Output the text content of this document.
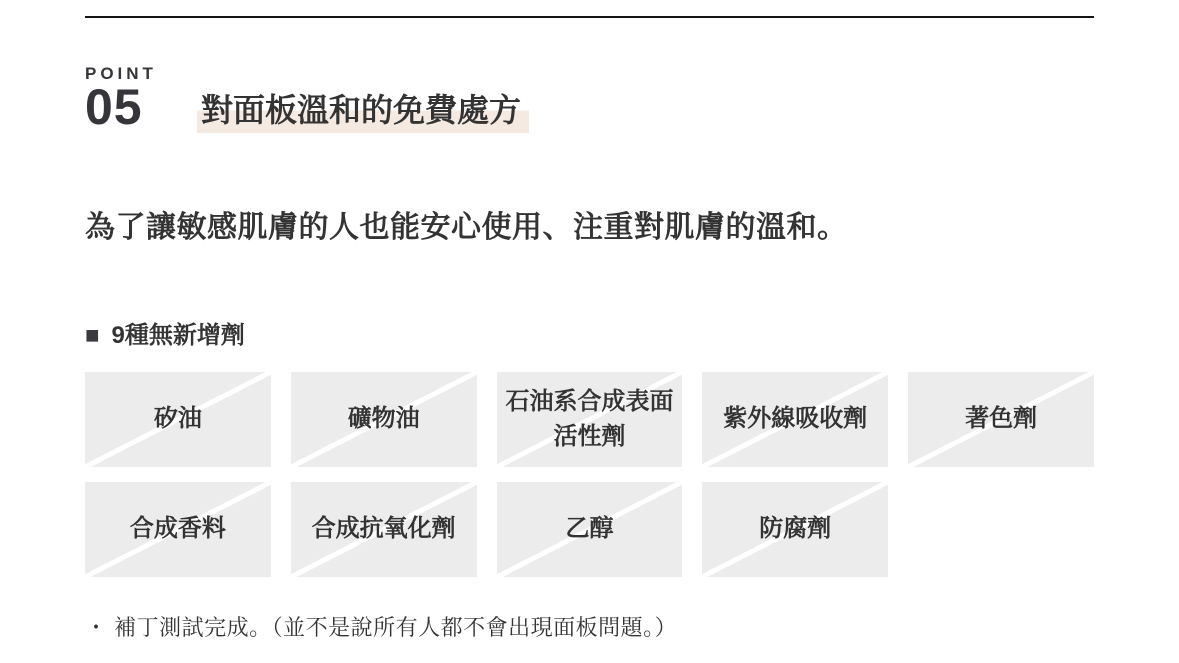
POINT
05	對面板溫和的免費處方

為了讓敏感肌膚的人也能安心使用、注重對肌膚的溫和。

■ 9種無新增劑
矽油	礦物油
石油系合成表面活性劑
紫外線吸收劑	著色劑
合成香料	合成抗氧化劑	乙醇	防腐劑

・ 補丁測試完成。（並不是說所有人都不會出現面板問題。）
